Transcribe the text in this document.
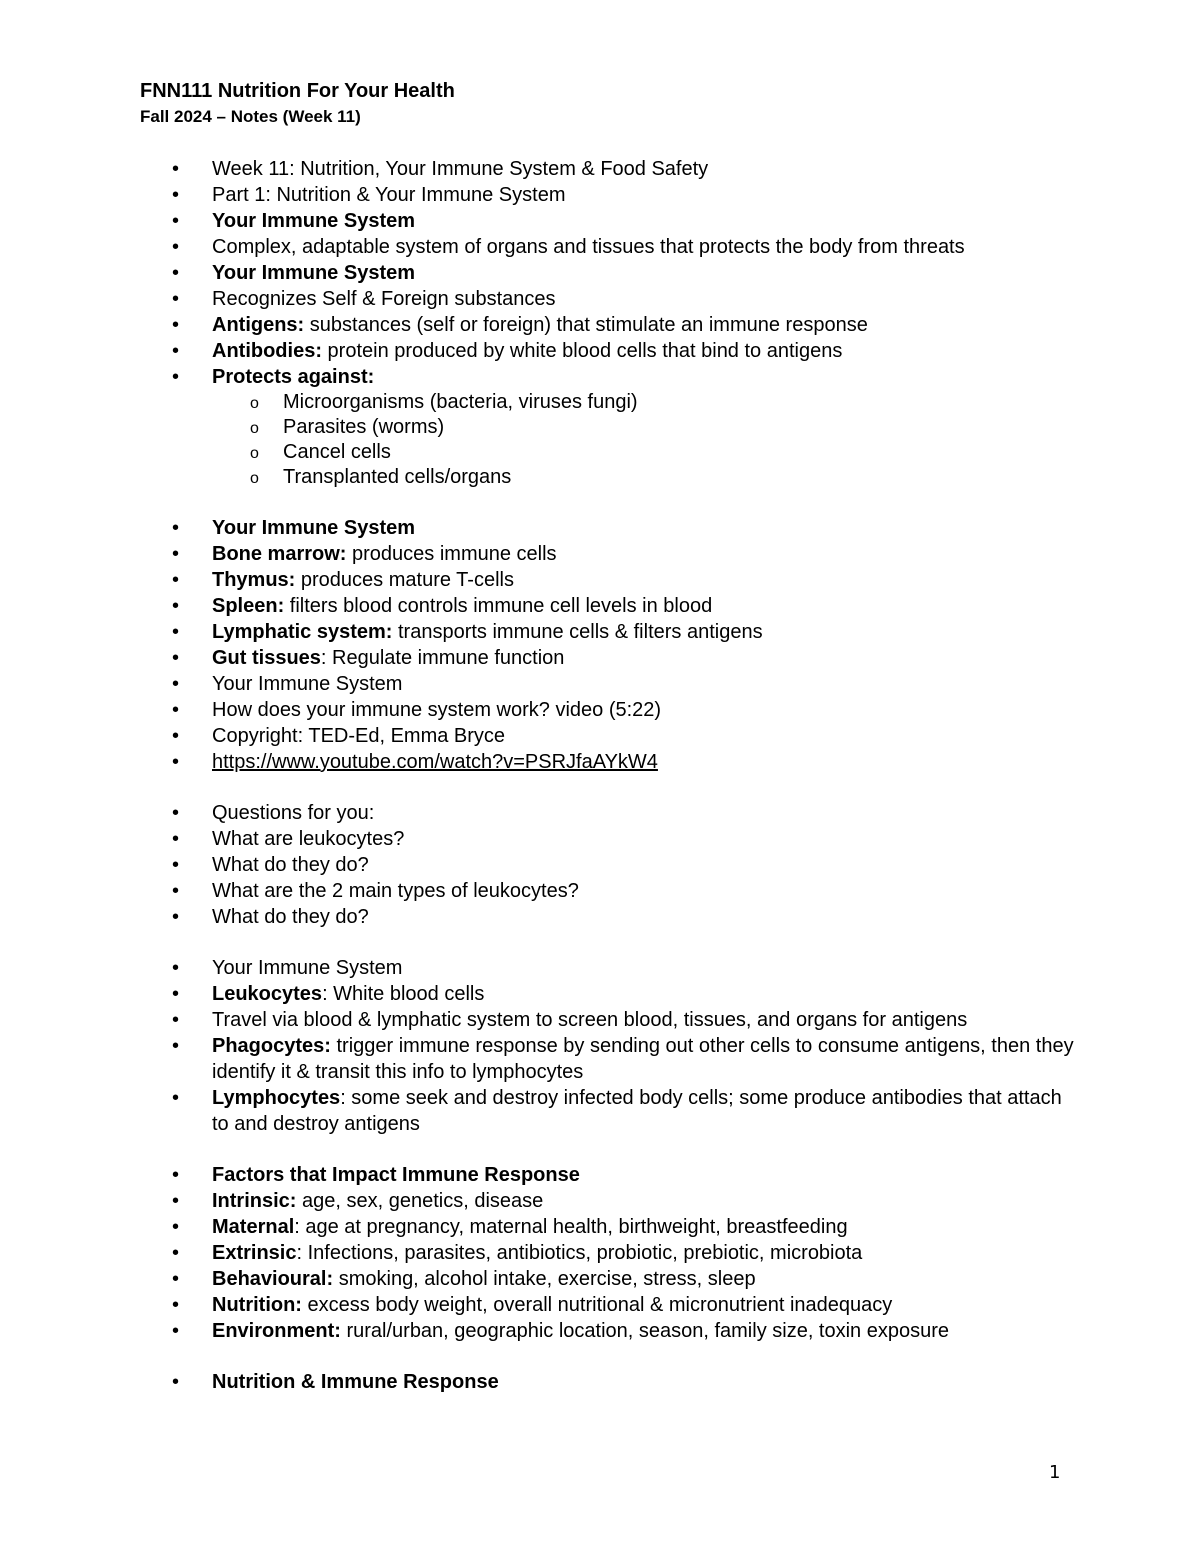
FNN111 Nutrition For Your Health
Fall 2024 – Notes (Week 11)
• Week 11: Nutrition, Your Immune System & Food Safety
• Part 1: Nutrition & Your Immune System
• Your Immune System
• Complex, adaptable system of organs and tissues that protects the body from threats
• Your Immune System
• Recognizes Self & Foreign substances
• Antigens: substances (self or foreign) that stimulate an immune response
• Antibodies: protein produced by white blood cells that bind to antigens
• Protects against:
o Microorganisms (bacteria, viruses fungi)
o Parasites (worms)
o Cancel cells
o Transplanted cells/organs
• Your Immune System
• Bone marrow: produces immune cells
• Thymus: produces mature T-cells
• Spleen: filters blood controls immune cell levels in blood
• Lymphatic system: transports immune cells & filters antigens
• Gut tissues: Regulate immune function
• Your Immune System
• How does your immune system work? video (5:22)
• Copyright: TED-Ed, Emma Bryce
• https://www.youtube.com/watch?v=PSRJfaAYkW4
• Questions for you:
• What are leukocytes?
• What do they do?
• What are the 2 main types of leukocytes?
• What do they do?
• Your Immune System
• Leukocytes: White blood cells
• Travel via blood & lymphatic system to screen blood, tissues, and organs for antigens
• Phagocytes: trigger immune response by sending out other cells to consume antigens, then they identify it & transit this info to lymphocytes
• Lymphocytes: some seek and destroy infected body cells; some produce antibodies that attach to and destroy antigens
• Factors that Impact Immune Response
• Intrinsic: age, sex, genetics, disease
• Maternal: age at pregnancy, maternal health, birthweight, breastfeeding
• Extrinsic: Infections, parasites, antibiotics, probiotic, prebiotic, microbiota
• Behavioural: smoking, alcohol intake, exercise, stress, sleep
• Nutrition: excess body weight, overall nutritional & micronutrient inadequacy
• Environment: rural/urban, geographic location, season, family size, toxin exposure
• Nutrition & Immune Response
1
